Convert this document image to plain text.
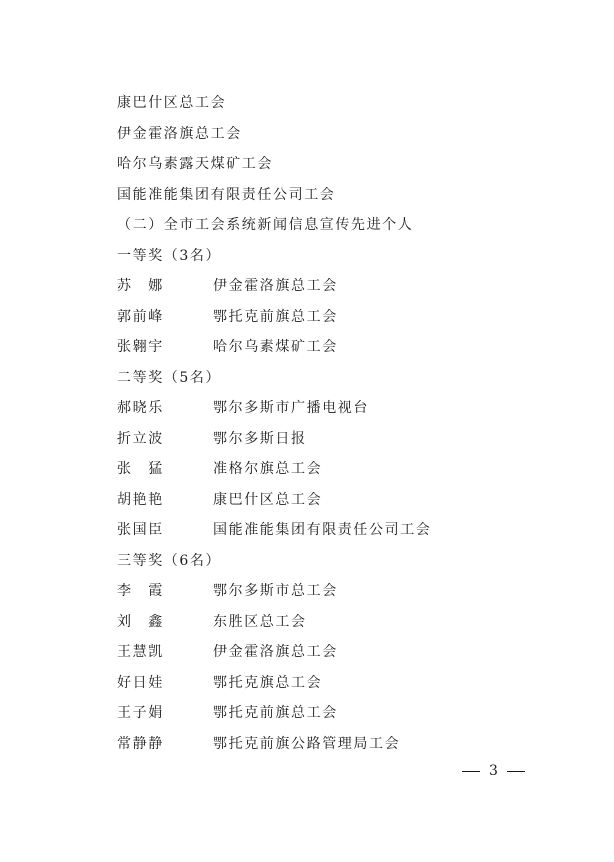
康巴什区总工会
伊金霍洛旗总工会
哈尔乌素露天煤矿工会
国能准能集团有限责任公司工会
（二）全市工会系统新闻信息宣传先进个人
一等奖（3名）
苏　娜	伊金霍洛旗总工会
郭前峰	鄂托克前旗总工会
张翱宇	哈尔乌素煤矿工会
二等奖（5名）
郝晓乐	鄂尔多斯市广播电视台
折立波	鄂尔多斯日报
张　猛	准格尔旗总工会
胡艳艳	康巴什区总工会
张国臣	国能准能集团有限责任公司工会
三等奖（6名）
李　霞	鄂尔多斯市总工会
刘　鑫	东胜区总工会
王慧凯	伊金霍洛旗总工会
好日娃	鄂托克旗总工会
王子娟	鄂托克前旗总工会
常静静	鄂托克前旗公路管理局工会
3
